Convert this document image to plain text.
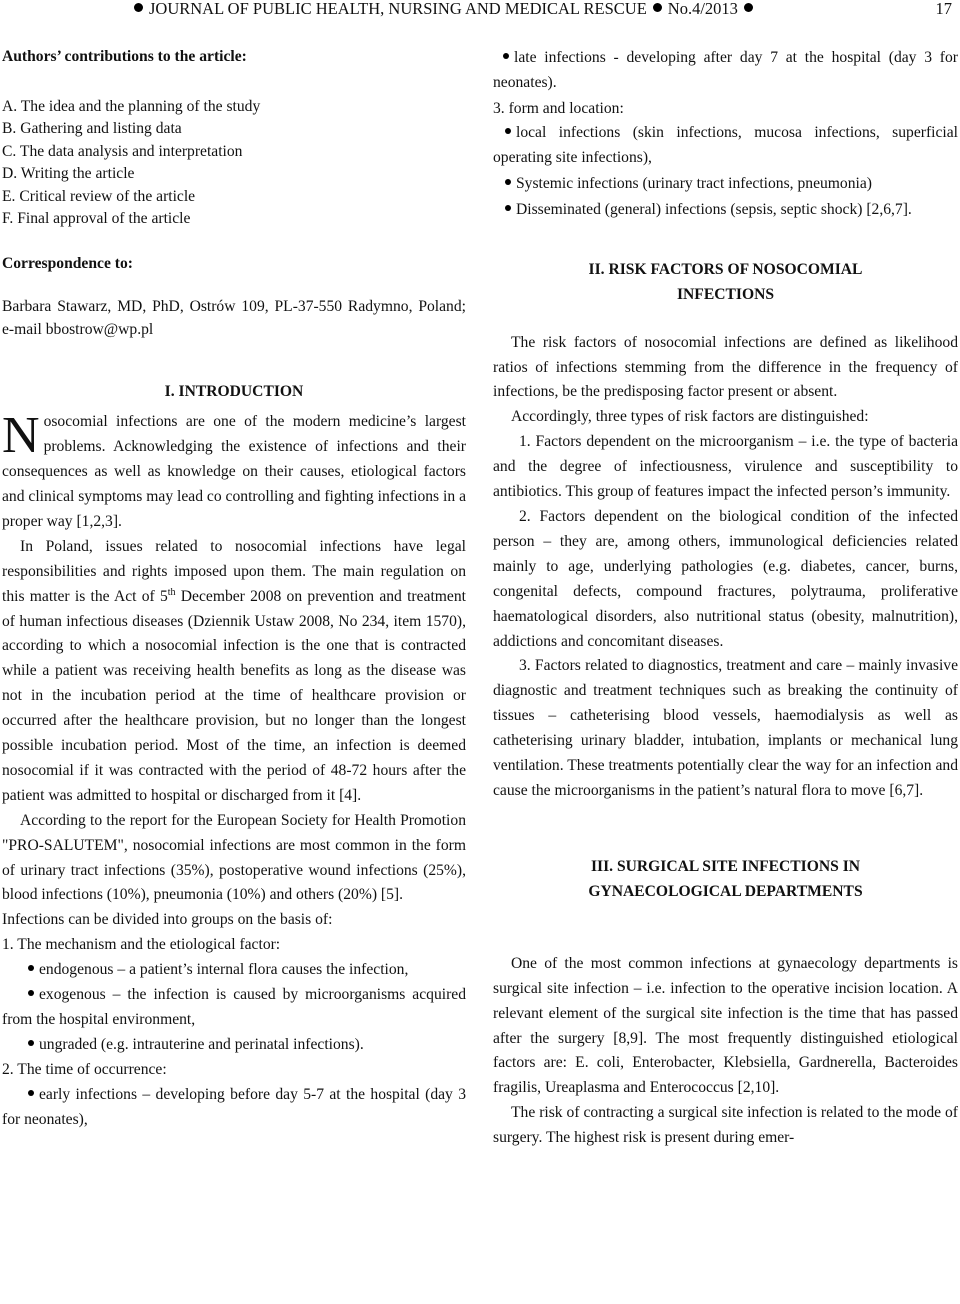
JOURNAL OF PUBLIC HEALTH, NURSING AND MEDICAL RESCUE No.4/2013	17

Authors’ contributions to the article:

A. The idea and the planning of the study

B. Gathering and listing data

C. The data analysis and interpretation

D. Writing the article

E. Critical review of the article

F. Final approval of the article

Correspondence to:

Barbara Stawarz, MD, PhD, Ostrów 109, PL-37-550 Radymno, Poland; e-mail bbostrow@wp.pl

I. INTRODUCTION

N osocomial infections are one of the modern medicine’s largest problems. Acknowledging the existence of infections and their consequences as well as knowledge on their causes, etiological factors and clinical symptoms may lead co controlling and fighting infections in a proper way [1,2,3].

In Poland, issues related to nosocomial infections have legal responsibilities and rights imposed upon them. The main regulation on this matter is the Act of 5th December 2008 on prevention and treatment of human infectious diseases (Dziennik Ustaw 2008, No 234, item 1570), according to which a nosocomial infection is the one that is contracted while a patient was receiving health benefits as long as the disease was not in the incubation period at the time of healthcare provision or occurred after the healthcare provision, but no longer than the longest possible incubation period. Most of the time, an infection is deemed nosocomial if it was contracted with the period of 48-72 hours after the patient was admitted to hospital or discharged from it [4].

According to the report for the European Society for Health Promotion "PRO-SALUTEM", nosocomial infections are most common in the form of urinary tract infections (35%), postoperative wound infections (25%), blood infections (10%), pneumonia (10%) and others (20%) [5].

Infections can be divided into groups on the basis of:

1. The mechanism and the etiological factor:

endogenous – a patient’s internal flora causes the infection,

exogenous – the infection is caused by microorganisms acquired from the hospital environment,

ungraded (e.g. intrauterine and perinatal infections).

2. The time of occurrence:

early infections – developing before day 5-7 at the hospital (day 3 for neonates),

late infections - developing after day 7 at the hospital (day 3 for neonates).

3. form and location:

local infections (skin infections, mucosa infections, superficial operating site infections),

Systemic infections (urinary tract infections, pneumonia)

Disseminated (general) infections (sepsis, septic shock) [2,6,7].

II. RISK FACTORS OF NOSOCOMIAL

INFECTIONS

The risk factors of nosocomial infections are defined as likelihood ratios of infections stemming from the difference in the frequency of infections, be the predisposing factor present or absent.

Accordingly, three types of risk factors are distinguished:

1. Factors dependent on the microorganism – i.e. the type of bacteria and the degree of infectiousness, virulence and susceptibility to antibiotics. This group of features impact the infected person’s immunity.

2. Factors dependent on the biological condition of the infected person – they are, among others, immunological deficiencies related mainly to age, underlying pathologies (e.g. diabetes, cancer, burns, congenital defects, compound fractures, polytrauma, proliferative haematological disorders, also nutritional status (obesity, malnutrition), addictions and concomitant diseases.

3. Factors related to diagnostics, treatment and care – mainly invasive diagnostic and treatment techniques such as breaking the continuity of tissues – catheterising blood vessels, haemodialysis as well as catheterising urinary bladder, intubation, implants or mechanical lung ventilation. These treatments potentially clear the way for an infection and cause the microorganisms in the patient’s natural flora to move [6,7].

III. SURGICAL SITE INFECTIONS IN

GYNAECOLOGICAL DEPARTMENTS

One of the most common infections at gynaecology departments is surgical site infection – i.e. infection to the operative incision location. A relevant element of the surgical site infection is the time that has passed after the surgery [8,9]. The most frequently distinguished etiological factors are: E. coli, Enterobacter, Klebsiella, Gardnerella, Bacteroides fragilis, Ureaplasma and Enterococcus [2,10].

The risk of contracting a surgical site infection is related to the mode of surgery. The highest risk is present during emer-
